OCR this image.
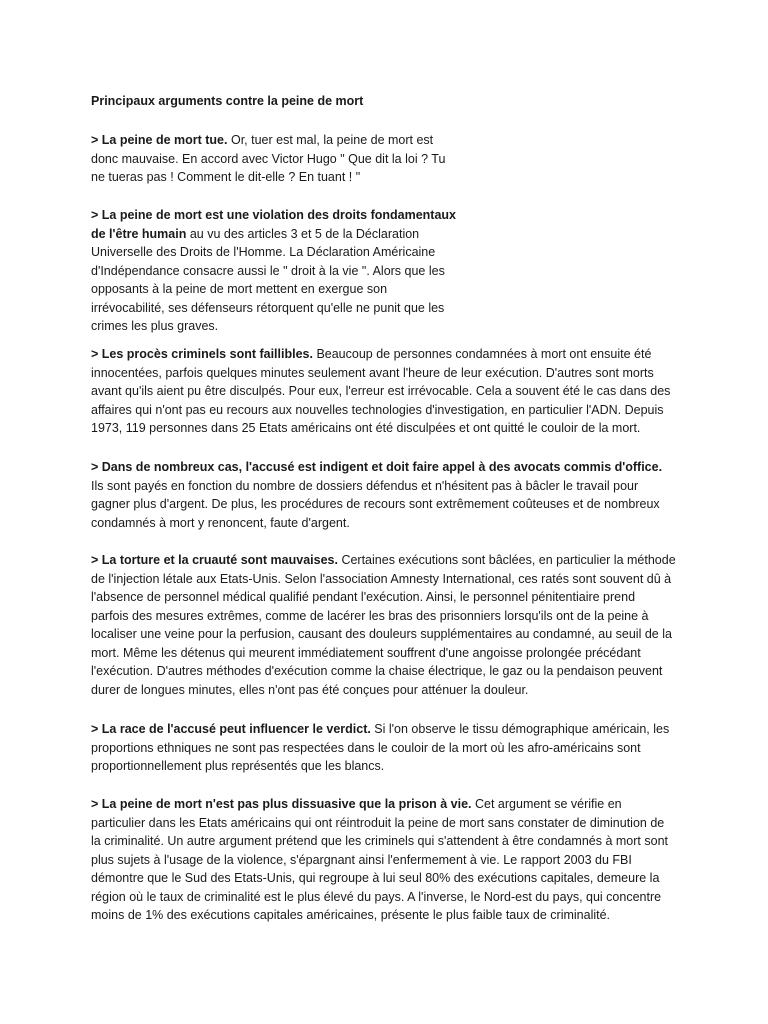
Principaux arguments contre la peine de mort

> La peine de mort tue. Or, tuer est mal, la peine de mort est donc mauvaise. En accord avec Victor Hugo " Que dit la loi ? Tu ne tueras pas ! Comment le dit-elle ? En tuant ! "

> La peine de mort est une violation des droits fondamentaux de l'être humain au vu des articles 3 et 5 de la Déclaration Universelle des Droits de l'Homme. La Déclaration Américaine d'Indépendance consacre aussi le " droit à la vie ". Alors que les opposants à la peine de mort mettent en exergue son irrévocabilité, ses défenseurs rétorquent qu'elle ne punit que les crimes les plus graves.

> Les procès criminels sont faillibles. Beaucoup de personnes condamnées à mort ont ensuite été innocentées, parfois quelques minutes seulement avant l'heure de leur exécution. D'autres sont morts avant qu'ils aient pu être disculpés. Pour eux, l'erreur est irrévocable. Cela a souvent été le cas dans des affaires qui n'ont pas eu recours aux nouvelles technologies d'investigation, en particulier l'ADN. Depuis 1973, 119 personnes dans 25 Etats américains ont été disculpées et ont quitté le couloir de la mort.

> Dans de nombreux cas, l'accusé est indigent et doit faire appel à des avocats commis d'office. Ils sont payés en fonction du nombre de dossiers défendus et n'hésitent pas à bâcler le travail pour gagner plus d'argent. De plus, les procédures de recours sont extrêmement coûteuses et de nombreux condamnés à mort y renoncent, faute d'argent.

> La torture et la cruauté sont mauvaises. Certaines exécutions sont bâclées, en particulier la méthode de l'injection létale aux Etats-Unis. Selon l'association Amnesty International, ces ratés sont souvent dû à l'absence de personnel médical qualifié pendant l'exécution. Ainsi, le personnel pénitentiaire prend parfois des mesures extrêmes, comme de lacérer les bras des prisonniers lorsqu'ils ont de la peine à localiser une veine pour la perfusion, causant des douleurs supplémentaires au condamné, au seuil de la mort. Même les détenus qui meurent immédiatement souffrent d'une angoisse prolongée précédant l'exécution. D'autres méthodes d'exécution comme la chaise électrique, le gaz ou la pendaison peuvent durer de longues minutes, elles n'ont pas été conçues pour atténuer la douleur.

> La race de l'accusé peut influencer le verdict. Si l'on observe le tissu démographique américain, les proportions ethniques ne sont pas respectées dans le couloir de la mort où les afro-américains sont proportionnellement plus représentés que les blancs.

> La peine de mort n'est pas plus dissuasive que la prison à vie. Cet argument se vérifie en particulier dans les Etats américains qui ont réintroduit la peine de mort sans constater de diminution de la criminalité. Un autre argument prétend que les criminels qui s'attendent à être condamnés à mort sont plus sujets à l'usage de la violence, s'épargnant ainsi l'enfermement à vie. Le rapport 2003 du FBI démontre que le Sud des Etats-Unis, qui regroupe à lui seul 80% des exécutions capitales, demeure la région où le taux de criminalité est le plus élevé du pays. A l'inverse, le Nord-est du pays, qui concentre moins de 1% des exécutions capitales américaines, présente le plus faible taux de criminalité.
